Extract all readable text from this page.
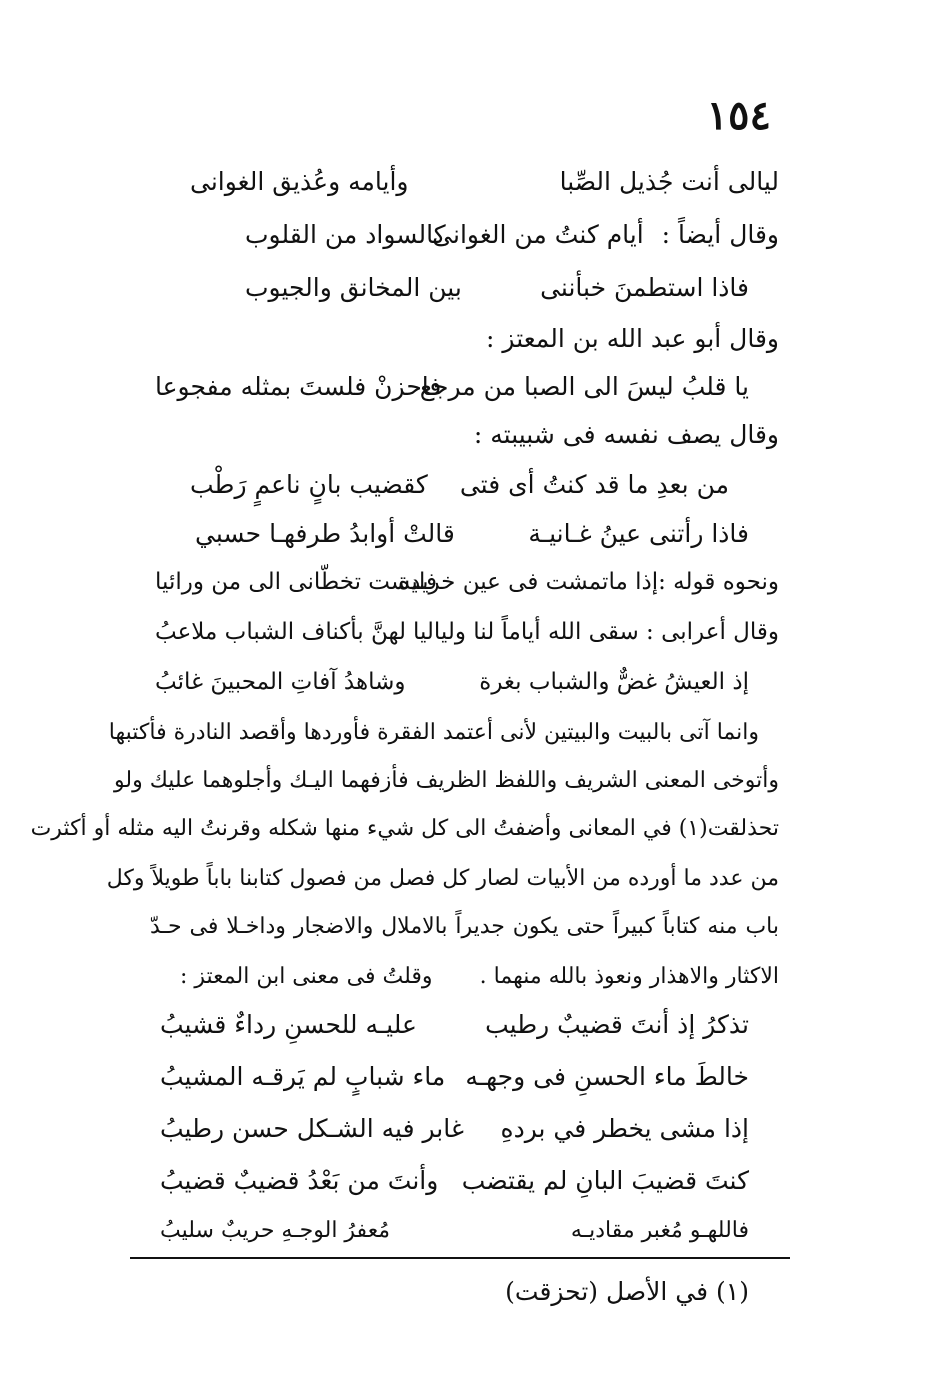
١٥٤
ليالى أنت جُذيل الصِّبا
وأيامه وعُذيق الغوانى
وقال أيضاً : أيام كنتُ من الغوانى
كالسواد من القلوب
فاذا استطمنَ خبأننى
بين المخانق والجيوب
وقال أبو عبد الله بن المعتز :
يا قلبُ ليسَ الى الصبا من مرجع
فاحزنْ فلستَ بمثله مفجوعا
وقال يصف نفسه فى شبيبته :
من بعدِ ما قد كنتُ أى فتى
كقضيب بانٍ ناعمٍ رَطْب
فاذا رأتنى عينُ غـانيـة
قالتْ أوابدُ طرفهـا حسبي
ونحوه قوله :إذا ماتمشت فى عين خريدة
فليست تخطّانى الى من ورائيا
وقال أعرابى : سقى الله أياماً لنا ولياليا
لهنَّ بأكناف الشباب ملاعبُ
إذ العيشُ غضٌّ والشباب بغرة
وشاهدُ آفاتِ المحبينَ غائبُ
وانما آتى بالبيت والبيتين لأنى أعتمد الفقرة فأوردها وأقصد النادرة فأكتبها
وأتوخى المعنى الشريف واللفظ الظريف فأزفهما اليـك وأجلوهما عليك ولو
تحذلقت(١) في المعانى وأضفتُ الى كل شيء منها شكله وقرنتُ اليه مثله أو أكثرت
من عدد ما أورده من الأبيات لصار كل فصل من فصول كتابنا باباً طويلاً وكل
باب منه كتاباً كبيراً حتى يكون جديراً بالاملال والاضجار وداخـلا فى حـدّ
الاكثار والاهذار ونعوذ بالله منهما .
وقلتُ فى معنى ابن المعتز :
تذكرُ إذ أنتَ قضيبٌ رطيب
عليـه للحسنِ رداءٌ قشيبُ
خالطَ ماء الحسنِ فى وجهـه
ماء شبابٍ لم يَرقـه المشيبُ
إذا مشى يخطر في بردهِ
غابر فيه الشـكل حسن رطيبُ
كنتَ قضيبَ البانِ لم يقتضب
وأنتَ من بَعْدُ قضيبٌ قضيبُ
فاللهـو مُغبر مقاديـه
مُعفرُ الوجـهِ حريبٌ سليبُ
(١) في الأصل (تحزقت)
